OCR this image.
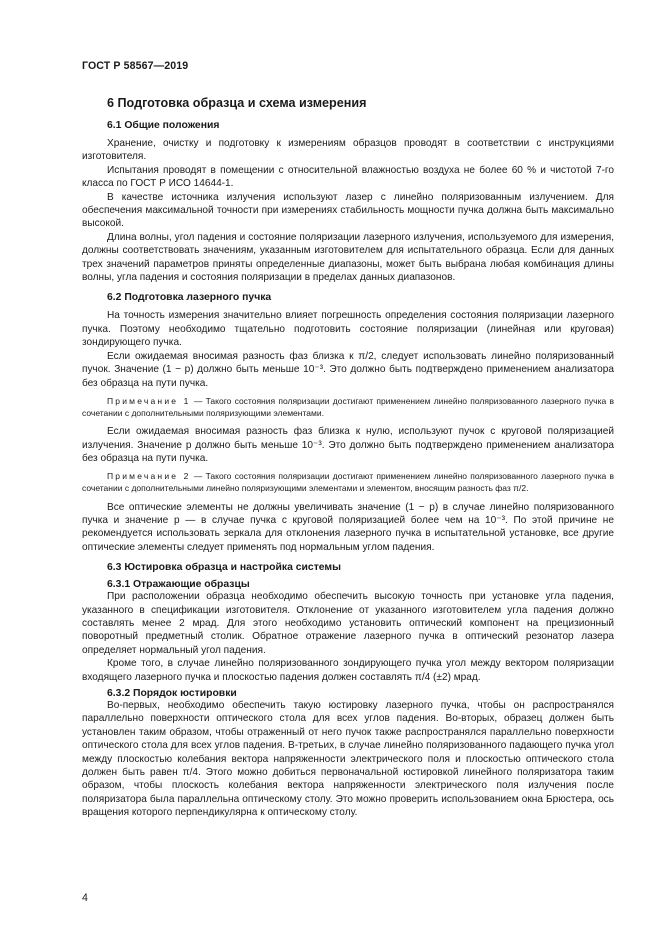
ГОСТ Р 58567—2019
6 Подготовка образца и схема измерения
6.1 Общие положения

Хранение, очистку и подготовку к измерениям образцов проводят в соответствии с инструкциями изготовителя.

Испытания проводят в помещении с относительной влажностью воздуха не более 60 % и чистотой 7-го класса по ГОСТ Р ИСО 14644-1.

В качестве источника излучения используют лазер с линейно поляризованным излучением. Для обеспечения максимальной точности при измерениях стабильность мощности пучка должна быть максимально высокой.

Длина волны, угол падения и состояние поляризации лазерного излучения, используемого для измерения, должны соответствовать значениям, указанным изготовителем для испытательного образца. Если для данных трех значений параметров приняты определенные диапазоны, может быть выбрана любая комбинация длины волны, угла падения и состояния поляризации в пределах данных диапазонов.

6.2 Подготовка лазерного пучка

На точность измерения значительно влияет погрешность определения состояния поляризации лазерного пучка. Поэтому необходимо тщательно подготовить состояние поляризации (линейная или круговая) зондирующего пучка.

Если ожидаемая вносимая разность фаз близка к π/2, следует использовать линейно поляризованный пучок. Значение (1 − p) должно быть меньше 10⁻³. Это должно быть подтверждено применением анализатора без образца на пути пучка.

Примечание 1 — Такого состояния поляризации достигают применением линейно поляризованного лазерного пучка в сочетании с дополнительными поляризующими элементами.

Если ожидаемая вносимая разность фаз близка к нулю, используют пучок с круговой поляризацией излучения. Значение p должно быть меньше 10⁻³. Это должно быть подтверждено применением анализатора без образца на пути пучка.

Примечание 2 — Такого состояния поляризации достигают применением линейно поляризованного лазерного пучка в сочетании с дополнительными линейно поляризующими элементами и элементом, вносящим разность фаз π/2.

Все оптические элементы не должны увеличивать значение (1 − p) в случае линейно поляризованного пучка и значение p — в случае пучка с круговой поляризацией более чем на 10⁻³. По этой причине не рекомендуется использовать зеркала для отклонения лазерного пучка в испытательной установке, все другие оптические элементы следует применять под нормальным углом падения.

6.3 Юстировка образца и настройка системы
6.3.1 Отражающие образцы

При расположении образца необходимо обеспечить высокую точность при установке угла падения, указанного в спецификации изготовителя. Отклонение от указанного изготовителем угла падения должно составлять менее 2 мрад. Для этого необходимо установить оптический компонент на прецизионный поворотный предметный столик. Обратное отражение лазерного пучка в оптический резонатор лазера определяет нормальный угол падения.

Кроме того, в случае линейно поляризованного зондирующего пучка угол между вектором поляризации входящего лазерного пучка и плоскостью падения должен составлять π/4 (±2) мрад.

6.3.2 Порядок юстировки

Во-первых, необходимо обеспечить такую юстировку лазерного пучка, чтобы он распространялся параллельно поверхности оптического стола для всех углов падения. Во-вторых, образец должен быть установлен таким образом, чтобы отраженный от него пучок также распространялся параллельно поверхности оптического стола для всех углов падения. В-третьих, в случае линейно поляризованного падающего пучка угол между плоскостью колебания вектора напряженности электрического поля и плоскостью оптического стола должен быть равен π/4. Этого можно добиться первоначальной юстировкой линейного поляризатора таким образом, чтобы плоскость колебания вектора напряженности электрического поля излучения после поляризатора была параллельна оптическому столу. Это можно проверить использованием окна Брюстера, ось вращения которого перпендикулярна к оптическому столу.

4
